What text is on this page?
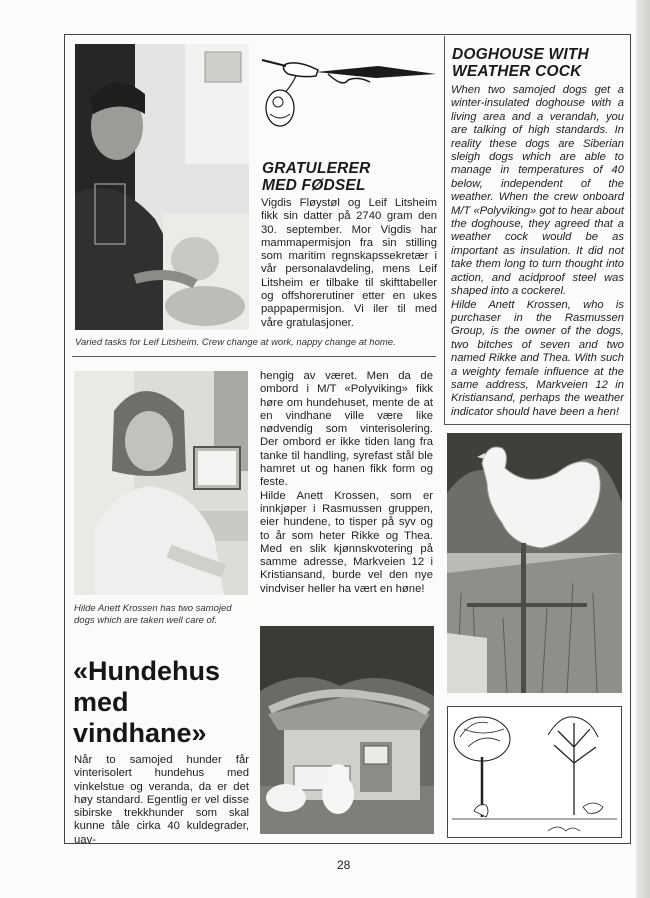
GRATULERER
MED FØDSEL
Vigdis Fløystøl og Leif Litsheim fikk sin datter på 2740 gram den 30. september. Mor Vigdis har mammapermisjon fra sin stilling som maritim regnskapssekretær i vår personalavdeling, mens Leif Litsheim er tilbake til skifttabeller og offshorerutiner etter en ukes pappapermisjon. Vi iler til med våre gratulasjoner.
Varied tasks for Leif Litsheim. Crew change at work, nappy change at home.
DOGHOUSE WITH
WEATHER COCK

When two samojed dogs get a winter-insulated doghouse with a living area and a verandah, you are talking of high standards. In reality these dogs are Siberian sleigh dogs which are able to manage in temperatures of 40 below, independent of the weather. When the crew onboard M/T «Polyviking» got to hear about the doghouse, they agreed that a weather cock would be as important as insulation. It did not take them long to turn thought into action, and acidproof steel was shaped into a cockerel.

Hilde Anett Krossen, who is purchaser in the Rasmussen Group, is the owner of the dogs, two bitches of seven and two named Rikke and Thea. With such a weighty female influence at the same address, Markveien 12 in Kristiansand, perhaps the weather indicator should have been a hen!

Hilde Anett Krossen has two samojed dogs which are taken well care of.

hengig av været. Men da de ombord i M/T «Polyviking» fikk høre om hundehuset, mente de at en vindhane ville være like nødvendig som vinterisolering. Der ombord er ikke tiden lang fra tanke til handling, syrefast stål ble hamret ut og hanen fikk form og feste.

Hilde Anett Krossen, som er innkjøper i Rasmussen gruppen, eier hundene, to tisper på syv og to år som heter Rikke og Thea. Med en slik kjønnskvotering på samme adresse, Markveien 12 i Kristiansand, burde vel den nye vindviser heller ha vært en høne!

«Hundehus
med
vindhane»
Når to samojed hunder får vinterisolert hundehus med vinkelstue og veranda, da er det høy standard. Egentlig er vel disse sibirske trekkhunder som skal kunne tåle cirka 40 kuldegrader, uav-
28
